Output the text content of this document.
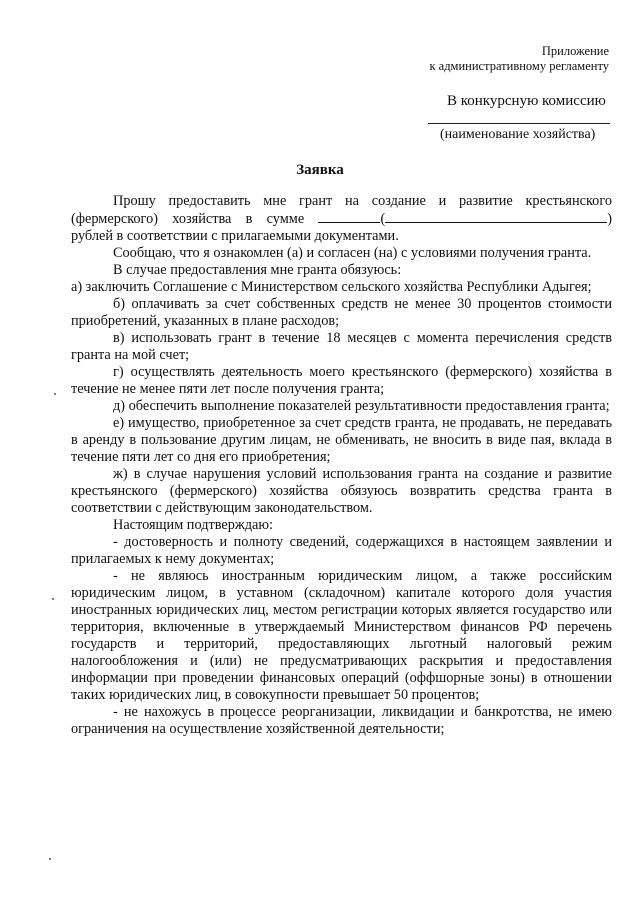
Приложение
к административному регламенту
В конкурсную комиссию
(наименование хозяйства)
Заявка

Прошу предоставить мне грант на создание и развитие крестьянского (фермерского) хозяйства в сумме	(	) рублей в соответствии с прилагаемыми документами.

Сообщаю, что я ознакомлен (а) и согласен (на) с условиями получения гранта.

В случае предоставления мне гранта обязуюсь:

а) заключить Соглашение с Министерством сельского хозяйства Республики Адыгея;

б) оплачивать за счет собственных средств не менее 30 процентов стоимости приобретений, указанных в плане расходов;

в) использовать грант в течение 18 месяцев с момента перечисления средств гранта на мой счет;

г) осуществлять деятельность моего крестьянского (фермерского) хозяйства в течение не менее пяти лет после получения гранта;

д) обеспечить выполнение показателей результативности предоставления гранта;

е) имущество, приобретенное за счет средств гранта, не продавать, не передавать в аренду в пользование другим лицам, не обменивать, не вносить в виде пая, вклада в течение пяти лет со дня его приобретения;

ж) в случае нарушения условий использования гранта на создание и развитие крестьянского (фермерского) хозяйства обязуюсь возвратить средства гранта в соответствии с действующим законодательством.

Настоящим подтверждаю:

- достоверность и полноту сведений, содержащихся в настоящем заявлении и прилагаемых к нему документах;

- не являюсь иностранным юридическим лицом, а также российским юридическим лицом, в уставном (складочном) капитале которого доля участия иностранных юридических лиц, местом регистрации которых является государство или территория, включенные в утверждаемый Министерством финансов РФ перечень государств и территорий, предоставляющих льготный налоговый режим налогообложения и (или) не предусматривающих раскрытия и предоставления информации при проведении финансовых операций (оффшорные зоны) в отношении таких юридических лиц, в совокупности превышает 50 процентов;

- не нахожусь в процессе реорганизации, ликвидации и банкротства, не имею ограничения на осуществление хозяйственной деятельности;
